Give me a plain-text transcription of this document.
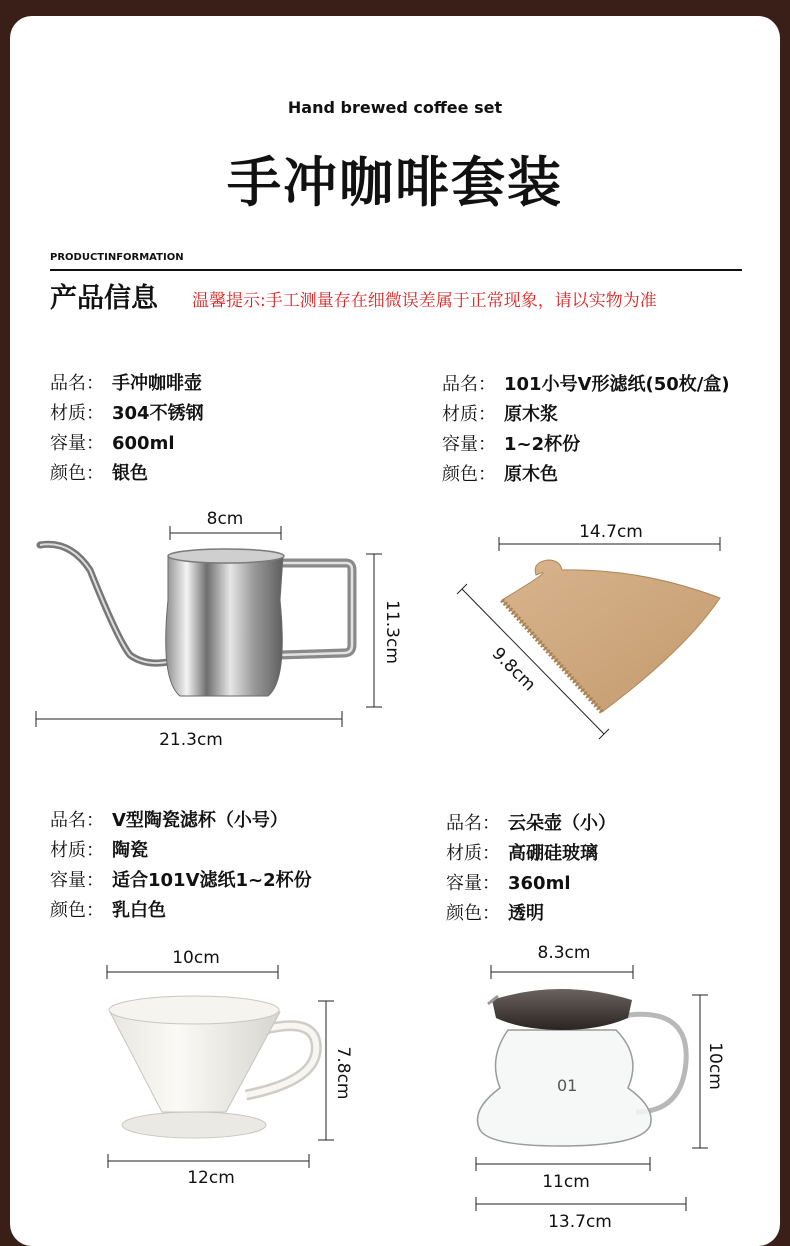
Hand brewed coffee set
手冲咖啡套装
PRODUCTINFORMATION
产品信息 温馨提示:手工测量存在细微误差属于正常现象，请以实物为准
品名： 手冲咖啡壶
材质： 304不锈钢
容量： 600ml
颜色： 银色
品名： 101小号V形滤纸(50枚/盒)
材质： 原木浆
容量： 1~2杯份
颜色： 原木色
品名： V型陶瓷滤杯（小号）
材质： 陶瓷
容量： 适合101V滤纸1~2杯份
颜色： 乳白色
品名： 云朵壶（小）
材质： 高硼硅玻璃
容量： 360ml
颜色： 透明
01
8cm
11.3cm
21.3cm
14.7cm
9.8cm
10cm
7.8cm
12cm
8.3cm
10cm
11cm
13.7cm
